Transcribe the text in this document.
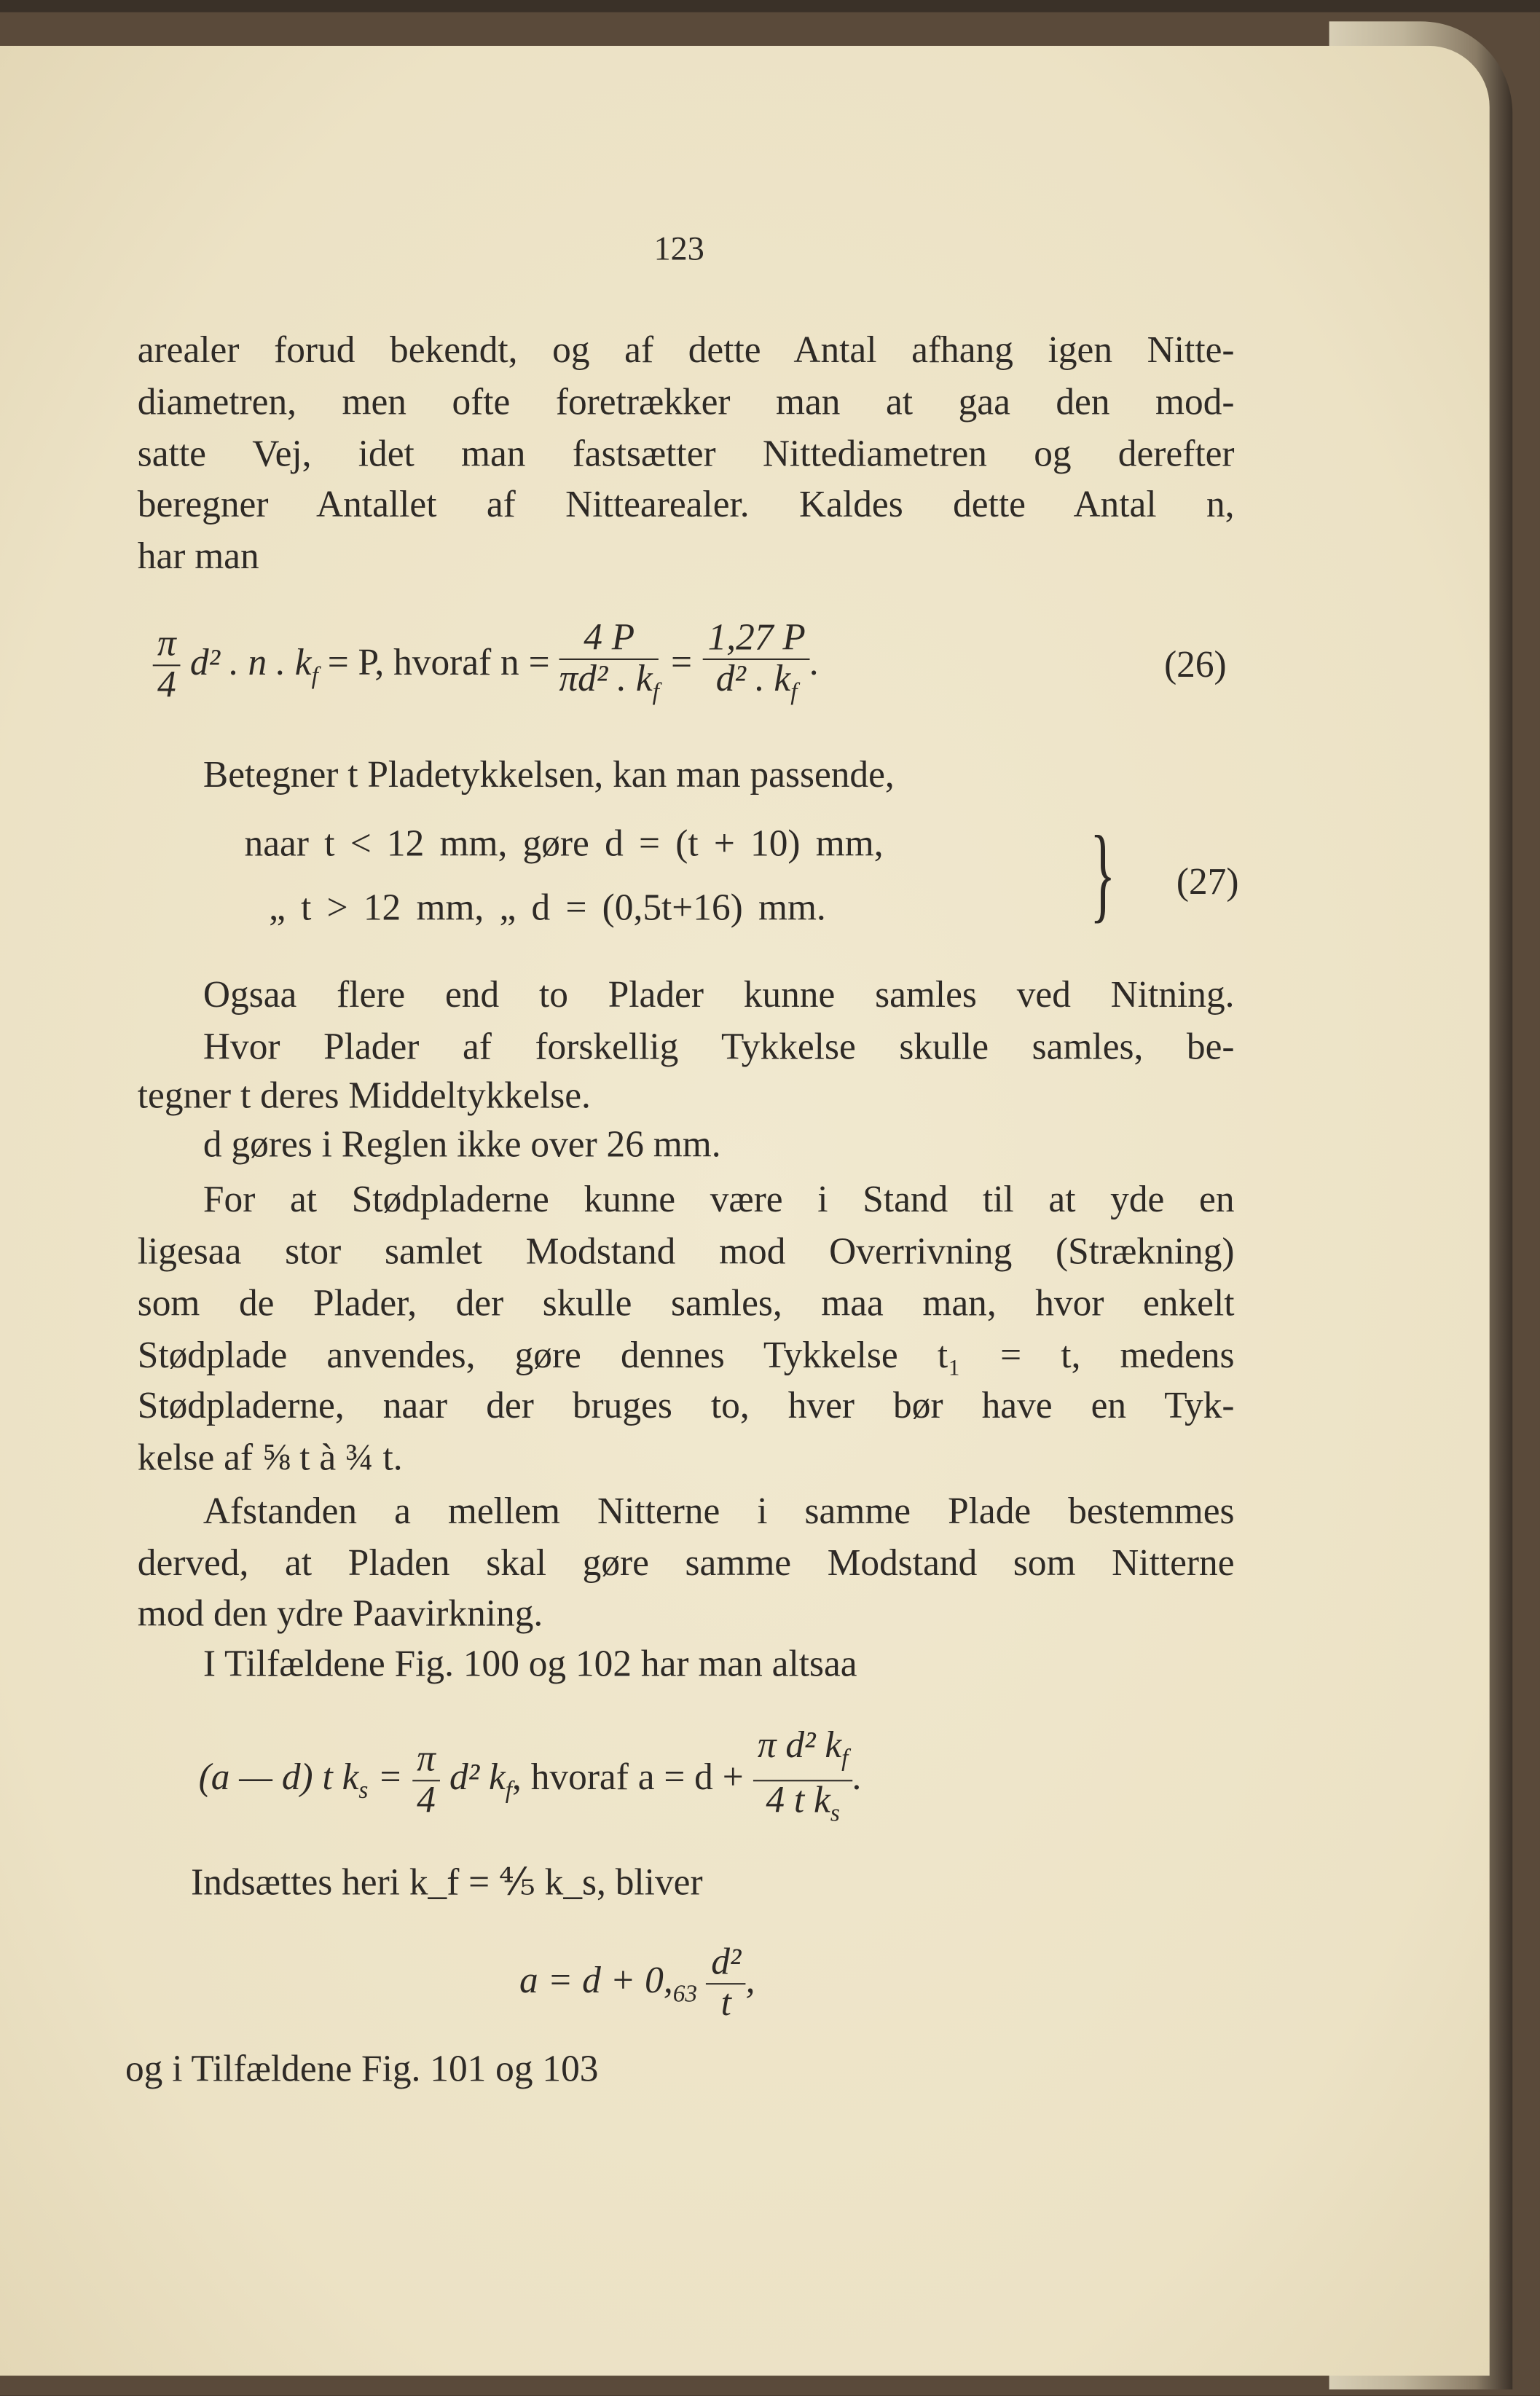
123
arealer forud bekendt, og af dette Antal afhang igen Nitte-
diametren, men ofte foretrækker man at gaa den mod-
satte Vej, idet man fastsætter Nittediametren og derefter
beregner Antallet af Nittearealer. Kaldes dette Antal n,
har man
$\frac{\pi}{4} d^2$ . n . $k_f = P$, hvoraf $n = \frac{4 P}{\pi d^2 . k_f} = \frac{1,27 P}{d^2 . k_f}$ .	(26)
Betegner t Pladetykkelsen, kan man passende,
naar t < 12 mm, gøre d = (t + 10) mm,
„ t > 12 mm, „ d = (0,5t+16) mm.	}	(27)
Ogsaa flere end to Plader kunne samles ved Nitning.
Hvor Plader af forskellig Tykkelse skulle samles, be-
tegner t deres Middeltykkelse.
d gøres i Reglen ikke over 26 mm.
For at Stødpladerne kunne være i Stand til at yde en
ligesaa stor samlet Modstand mod Overrivning (Strækning)
som de Plader, der skulle samles, maa man, hvor enkelt
Stødplade anvendes, gøre dennes Tykkelse t₁ = t, medens
Stødpladerne, naar der bruges to, hver bør have en Tyk-
kelse af ⅝ t à ¾ t.
Afstanden a mellem Nitterne i samme Plade bestemmes
derved, at Pladen skal gøre samme Modstand som Nitterne
mod den ydre Paavirkning.
I Tilfældene Fig. 100 og 102 har man altsaa
(a — d) t $k_s = \frac{\pi}{4} d^2$ $k_f$, hvoraf $a = d + \frac{\pi d^2 k_f}{4 t k_s}$ .
Indsættes heri k_f = ⅘ k_s, bliver
$a = d + 0,_{63} \frac{\text{d²}}{t}$ ,
og i Tilfældene Fig. 101 og 103
